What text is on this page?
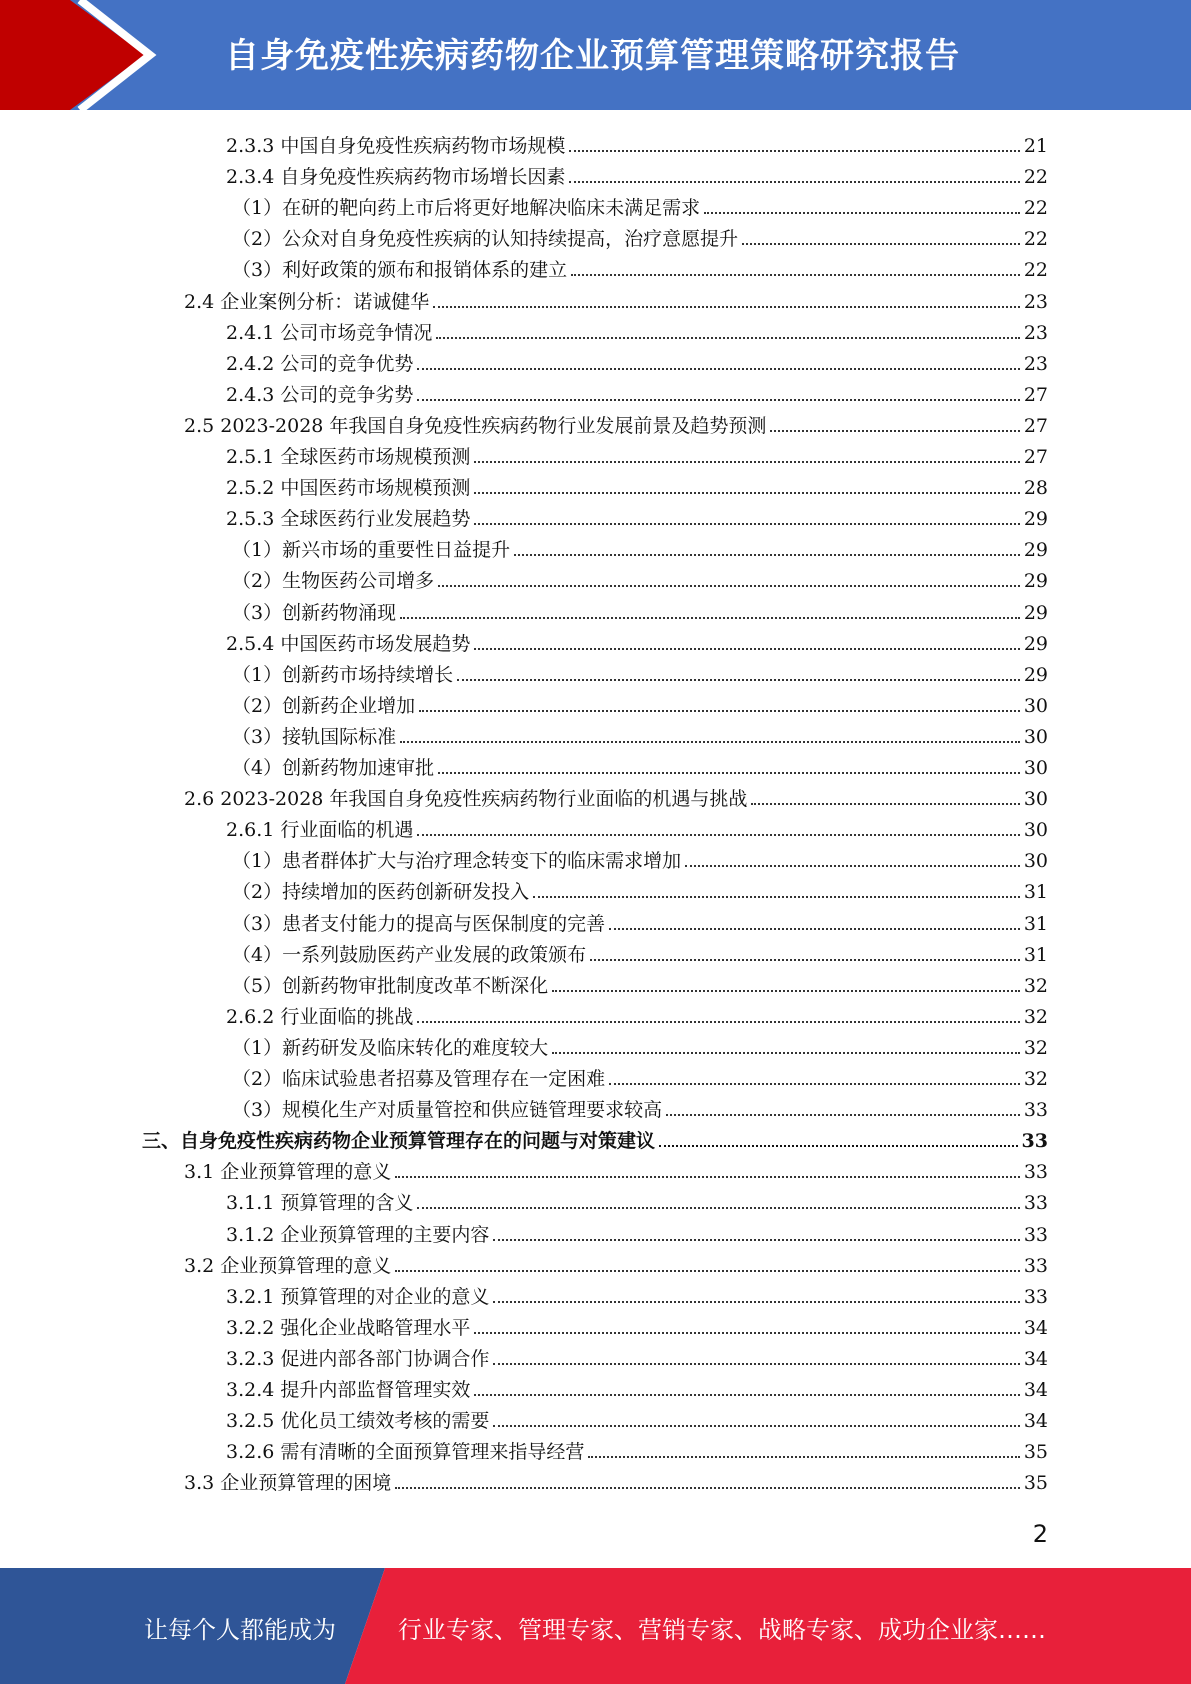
自身免疫性疾病药物企业预算管理策略研究报告
2.3.3 中国自身免疫性疾病药物市场规模	21
2.3.4 自身免疫性疾病药物市场增长因素	22
（1）在研的靶向药上市后将更好地解决临床未满足需求	22
（2）公众对自身免疫性疾病的认知持续提高，治疗意愿提升	22
（3）利好政策的颁布和报销体系的建立	22
2.4 企业案例分析：诺诚健华	23
2.4.1 公司市场竞争情况	23
2.4.2 公司的竞争优势	23
2.4.3 公司的竞争劣势	27
2.5 2023-2028 年我国自身免疫性疾病药物行业发展前景及趋势预测	27
2.5.1 全球医药市场规模预测	27
2.5.2 中国医药市场规模预测	28
2.5.3 全球医药行业发展趋势	29
（1）新兴市场的重要性日益提升	29
（2）生物医药公司增多	29
（3）创新药物涌现	29
2.5.4 中国医药市场发展趋势	29
（1）创新药市场持续增长	29
（2）创新药企业增加	30
（3）接轨国际标准	30
（4）创新药物加速审批	30
2.6 2023-2028 年我国自身免疫性疾病药物行业面临的机遇与挑战	30
2.6.1 行业面临的机遇	30
（1）患者群体扩大与治疗理念转变下的临床需求增加	30
（2）持续增加的医药创新研发投入	31
（3）患者支付能力的提高与医保制度的完善	31
（4）一系列鼓励医药产业发展的政策颁布	31
（5）创新药物审批制度改革不断深化	32
2.6.2 行业面临的挑战	32
（1）新药研发及临床转化的难度较大	32
（2）临床试验患者招募及管理存在一定困难	32
（3）规模化生产对质量管控和供应链管理要求较高	33
三、自身免疫性疾病药物企业预算管理存在的问题与对策建议	33
3.1 企业预算管理的意义	33
3.1.1 预算管理的含义	33
3.1.2 企业预算管理的主要内容	33
3.2 企业预算管理的意义	33
3.2.1 预算管理的对企业的意义	33
3.2.2 强化企业战略管理水平	34
3.2.3 促进内部各部门协调合作	34
3.2.4 提升内部监督管理实效	34
3.2.5 优化员工绩效考核的需要	34
3.2.6 需有清晰的全面预算管理来指导经营	35
3.3 企业预算管理的困境	35
2
让每个人都能成为	行业专家、管理专家、营销专家、战略专家、成功企业家……
